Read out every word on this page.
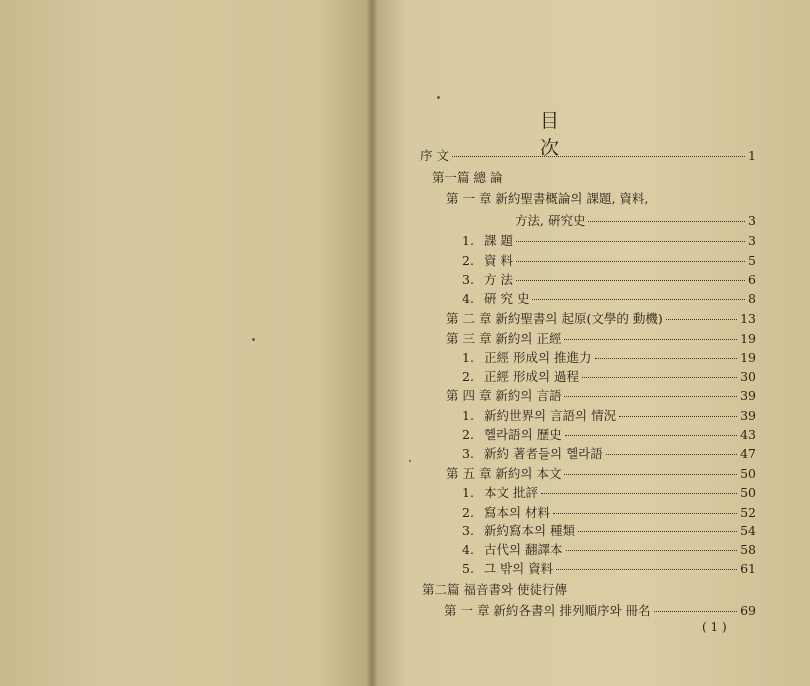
目 次
序 文	1
第一篇 總 論
第 一 章 新約聖書概論의 課題, 資料,
方法, 硏究史	3
1. 課 題	3
2. 資 料	5
3. 方 法	6
4. 硏 究 史	8
第 二 章 新約聖書의 起原(文學的 動機)	13
第 三 章 新約의 正經	19
1. 正經 形成의 推進力	19
2. 正經 形成의 過程	30
第 四 章 新約의 言語	39
1. 新約世界의 言語의 情況	39
2. 헬라語의 歷史	43
3. 新約 著者들의 헬라語	47
第 五 章 新約의 本文	50
1. 本文 批評	50
2. 寫本의 材料	52
3. 新約寫本의 種類	54
4. 古代의 翻譯本	58
5. 그 밖의 資料	61
第二篇 福音書와 使徒行傳
第 一 章 新約各書의 排列順序와 冊名	69
( 1 )
